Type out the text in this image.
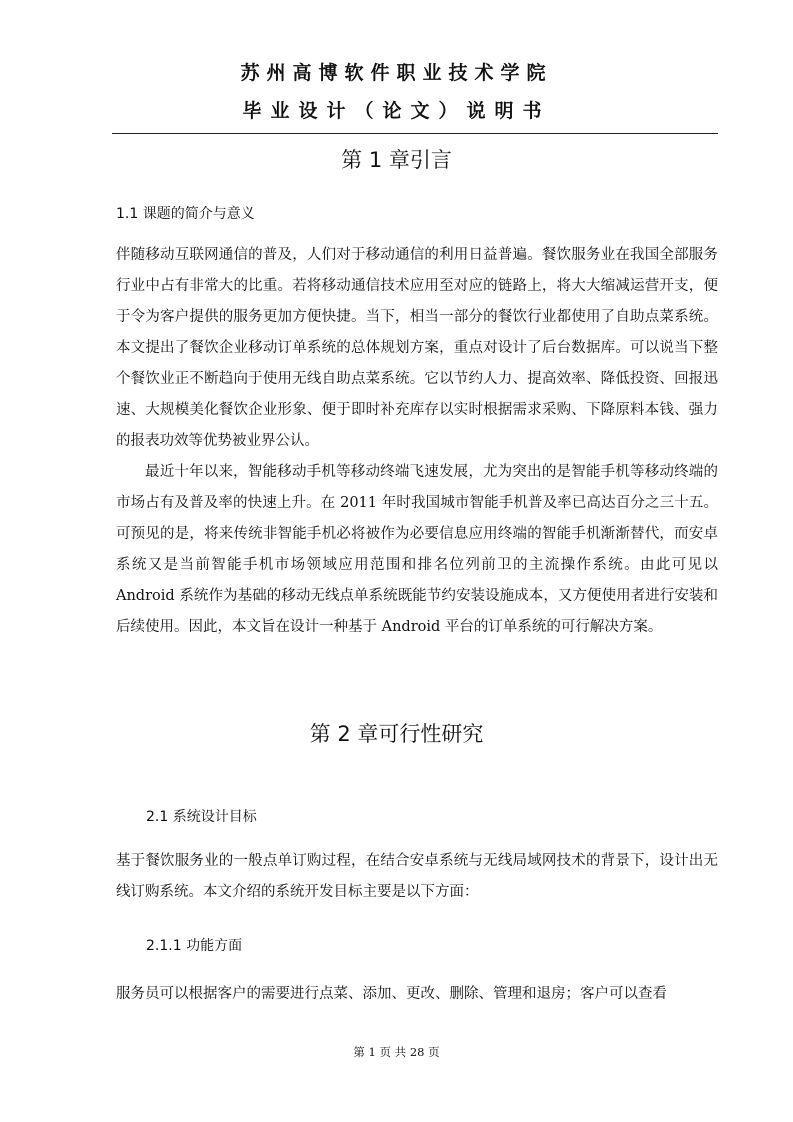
苏州高博软件职业技术学院
毕业设计（论文）说明书
第 1 章引言
1.1 课题的简介与意义

伴随移动互联网通信的普及，人们对于移动通信的利用日益普遍。餐饮服务业在我国全部服务行业中占有非常大的比重。若将移动通信技术应用至对应的链路上，将大大缩减运营开支，便于令为客户提供的服务更加方便快捷。当下，相当一部分的餐饮行业都使用了自助点菜系统。本文提出了餐饮企业移动订单系统的总体规划方案，重点对设计了后台数据库。可以说当下整个餐饮业正不断趋向于使用无线自助点菜系统。它以节约人力、提高效率、降低投资、回报迅速、大规模美化餐饮企业形象、便于即时补充库存以实时根据需求采购、下降原料本钱、强力的报表功效等优势被业界公认。

最近十年以来，智能移动手机等移动终端飞速发展，尤为突出的是智能手机等移动终端的市场占有及普及率的快速上升。在 2011 年时我国城市智能手机普及率已高达百分之三十五。可预见的是，将来传统非智能手机必将被作为必要信息应用终端的智能手机渐渐替代，而安卓系统又是当前智能手机市场领域应用范围和排名位列前卫的主流操作系统。由此可见以 Android 系统作为基础的移动无线点单系统既能节约安装设施成本，又方便使用者进行安装和后续使用。因此，本文旨在设计一种基于 Android 平台的订单系统的可行解决方案。

第 2 章可行性研究
2.1 系统设计目标

基于餐饮服务业的一般点单订购过程，在结合安卓系统与无线局域网技术的背景下，设计出无线订购系统。本文介绍的系统开发目标主要是以下方面：

2.1.1 功能方面

服务员可以根据客户的需要进行点菜、添加、更改、删除、管理和退房；客户可以查看

第 1 页 共 28 页
